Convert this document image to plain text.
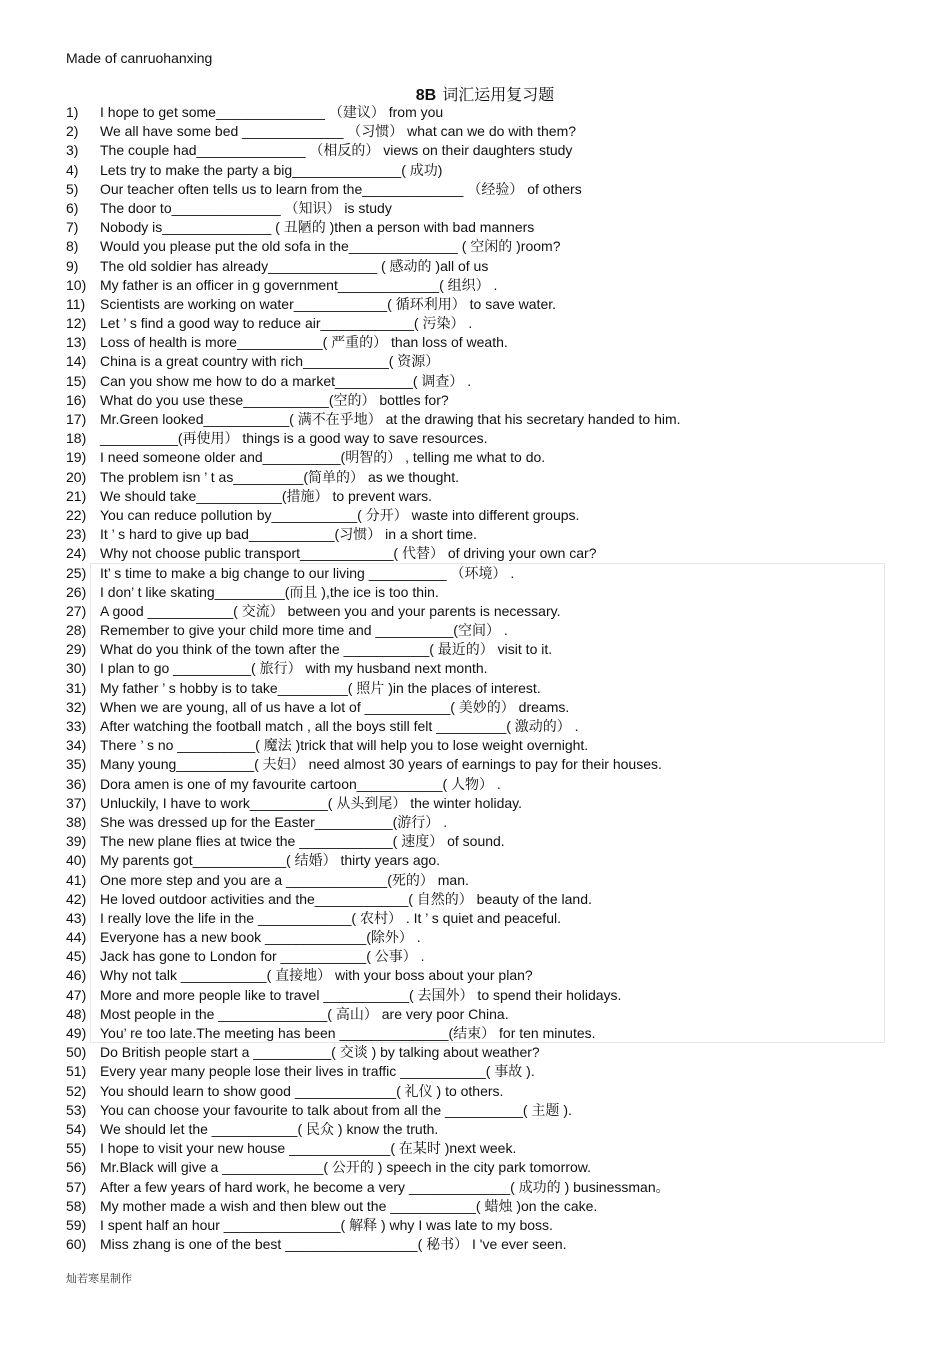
Made of canruohanxing
8B 词汇运用复习题
1)	I hope to get some______________ （建议） from you
2)	We all have some bed _____________ （习惯） what can we do with them?
3)	The couple had______________ （相反的） views on their daughters study
4)	Lets try to make the party a big______________( 成功)
5)	Our teacher often tells us to learn from the_____________ （经验） of others
6)	The door to______________ （知识） is study
7)	Nobody is______________ ( 丑陋的 )then a person with bad manners
8)	Would you please put the old sofa in the______________ ( 空闲的 )room?
9)	The old soldier has already______________ ( 感动的 )all of us
10) My father is an officer in g government_____________( 组织） .
11)	Scientists are working on water____________( 循环利用） to save water.
12) Let ’ s find a good way to reduce air____________( 污染） .
13) Loss of health is more___________( 严重的） than loss of weath.
14) China is a great country with rich___________( 资源）
15) Can you show me how to do a market__________( 调查） .
16) What do you use these___________(空的） bottles for?
17) Mr.Green looked___________( 满不在乎地） at the drawing that his secretary handed to him.
18) __________(再使用） things is a good way to save resources.
19) I need someone older and__________(明智的） , telling me what to do.
20) The problem isn ’ t as_________(简单的） as we thought.
21) We should take___________(措施） to prevent wars.
22) You can reduce pollution by___________( 分开） waste into different groups.
23) It ’ s hard to give up bad___________(习惯） in a short time.
24) Why not choose public transport____________( 代替） of driving your own car?
25) It’ s time to make a big change to our living __________ （环境） .
26) I don’ t like skating_________(而且 ),the ice is too thin.
27) A good ___________( 交流） between you and your parents is necessary.
28) Remember to give your child more time and __________(空间） .
29) What do you think of the town after the ___________( 最近的） visit to it.
30) I plan to go __________( 旅行） with my husband next month.
31) My father ’ s hobby is to take_________( 照片 )in the places of interest.
32) When we are young, all of us have a lot of ___________( 美妙的） dreams.
33) After watching the football match , all the boys still felt _________( 激动的） .
34) There ’ s no __________( 魔法 )trick that will help you to lose weight overnight.
35) Many young__________( 夫妇） need almost 30 years of earnings to pay for their houses.
36) Dora amen is one of my favourite cartoon___________( 人物） .
37) Unluckily, I have to work__________( 从头到尾） the winter holiday.
38) She was dressed up for the Easter__________(游行） .
39) The new plane flies at twice the ____________( 速度） of sound.
40) My parents got____________( 结婚） thirty years ago.
41) One more step and you are a _____________(死的） man.
42) He loved outdoor activities and the____________( 自然的） beauty of the land.
43) I really love the life in the ____________( 农村） . It ’ s quiet and peaceful.
44) Everyone has a new book _____________(除外） .
45) Jack has gone to London for ___________( 公事） .
46) Why not talk ___________( 直接地） with your boss about your plan?
47) More and more people like to travel ___________( 去国外） to spend their holidays.
48) Most people in the ______________( 高山） are very poor China.
49) You’ re too late.The meeting has been ______________(结束） for ten minutes.
50) Do British people start a __________( 交谈 ) by talking about weather?
51) Every year many people lose their lives in traffic ___________( 事故 ).
52) You should learn to show good _____________( 礼仪 ) to others.
53) You can choose your favourite to talk about from all the __________( 主题 ).
54) We should let the ___________( 民众 ) know the truth.
55) I hope to visit your new house _____________( 在某时 )next week.
56) Mr.Black will give a _____________( 公开的 ) speech in the city park tomorrow.
57) After a few years of hard work, he become a very _____________( 成功的 ) businessman。
58) My mother made a wish and then blew out the ___________( 蜡烛 )on the cake.
59) I spent half an hour _______________( 解释 ) why I was late to my boss.
60) Miss zhang is one of the best _________________( 秘书） I 've ever seen.
灿若寒星制作
